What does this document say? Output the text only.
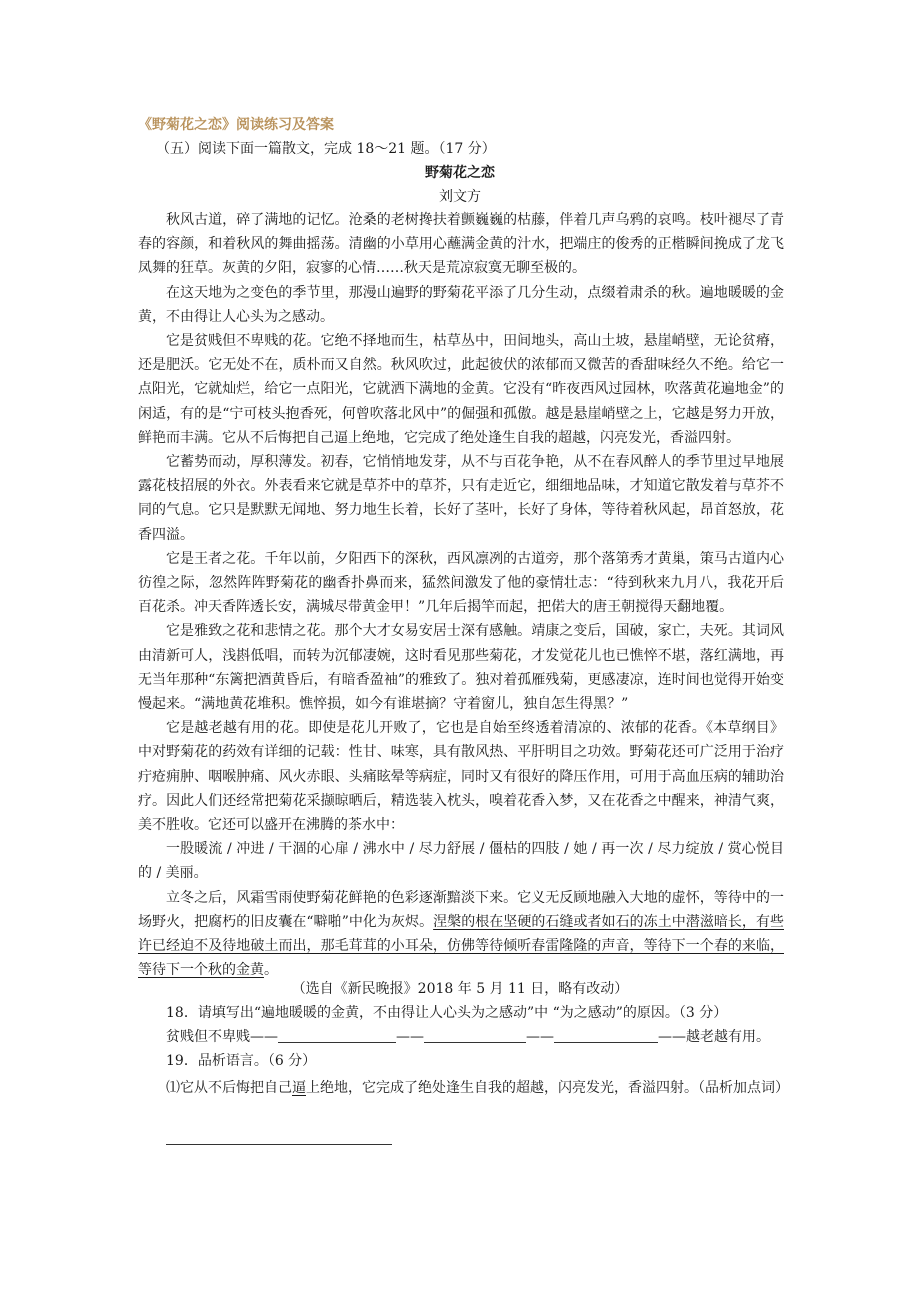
《野菊花之恋》阅读练习及答案
（五）阅读下面一篇散文，完成 18～21 题。（17 分）
野菊花之恋
刘文方

秋风古道，碎了满地的记忆。沧桑的老树搀扶着颤巍巍的枯藤，伴着几声乌鸦的哀鸣。枝叶褪尽了青春的容颜，和着秋风的舞曲摇荡。清幽的小草用心蘸满金黄的汁水，把端庄的俊秀的正楷瞬间挽成了龙飞凤舞的狂草。灰黄的夕阳，寂寥的心情……秋天是荒凉寂寞无聊至极的。

在这天地为之变色的季节里，那漫山遍野的野菊花平添了几分生动，点缀着肃杀的秋。遍地暖暖的金黄，不由得让人心头为之感动。

它是贫贱但不卑贱的花。它绝不择地而生，枯草丛中，田间地头，高山土坡，悬崖峭壁，无论贫瘠，还是肥沃。它无处不在，质朴而又自然。秋风吹过，此起彼伏的浓郁而又微苦的香甜味经久不绝。给它一点阳光，它就灿烂，给它一点阳光，它就洒下满地的金黄。它没有“昨夜西风过园林，吹落黄花遍地金”的闲适，有的是“宁可枝头抱香死，何曾吹落北风中”的倔强和孤傲。越是悬崖峭壁之上，它越是努力开放，鲜艳而丰满。它从不后悔把自己逼上绝地，它完成了绝处逢生自我的超越，闪亮发光，香溢四射。

它蓄势而动，厚积薄发。初春，它悄悄地发芽，从不与百花争艳，从不在春风醉人的季节里过早地展露花枝招展的外衣。外表看来它就是草芥中的草芥，只有走近它，细细地品味，才知道它散发着与草芥不同的气息。它只是默默无闻地、努力地生长着，长好了茎叶，长好了身体，等待着秋风起，昂首怒放，花香四溢。

它是王者之花。千年以前，夕阳西下的深秋，西风凛冽的古道旁，那个落第秀才黄巢，策马古道内心彷徨之际，忽然阵阵野菊花的幽香扑鼻而来，猛然间激发了他的豪情壮志：“待到秋来九月八，我花开后百花杀。冲天香阵透长安，满城尽带黄金甲！”几年后揭竿而起，把偌大的唐王朝搅得天翻地覆。

它是雅致之花和悲情之花。那个大才女易安居士深有感触。靖康之变后，国破，家亡，夫死。其词风由清新可人，浅斟低唱，而转为沉郁凄婉，这时看见那些菊花，才发觉花儿也已憔悴不堪，落红满地，再无当年那种“东篱把酒黄昏后，有暗香盈袖”的雅致了。独对着孤雁残菊，更感凄凉，连时间也觉得开始变慢起来。“满地黄花堆积。憔悴损，如今有谁堪摘？守着窗儿，独自怎生得黑？”

它是越老越有用的花。即使是花儿开败了，它也是自始至终透着清凉的、浓郁的花香。《本草纲目》中对野菊花的药效有详细的记载：性甘、味寒，具有散风热、平肝明目之功效。野菊花还可广泛用于治疗疔疮痈肿、咽喉肿痛、风火赤眼、头痛眩晕等病症，同时又有很好的降压作用，可用于高血压病的辅助治疗。因此人们还经常把菊花采撷晾晒后，精选装入枕头，嗅着花香入梦，又在花香之中醒来，神清气爽，美不胜收。它还可以盛开在沸腾的茶水中：

一股暖流 / 冲进 / 干涸的心扉 / 沸水中 / 尽力舒展 / 僵枯的四肢 / 她 / 再一次 / 尽力绽放 / 赏心悦目的 / 美丽。

立冬之后，风霜雪雨使野菊花鲜艳的色彩逐渐黯淡下来。它义无反顾地融入大地的虚怀，等待中的一场野火，把腐朽的旧皮囊在“噼啪”中化为灰烬。涅槃的根在坚硬的石缝或者如石的冻土中潜滋暗长，有些许已经迫不及待地破土而出，那毛茸茸的小耳朵，仿佛等待倾听春雷隆隆的声音，等待下一个春的来临，等待下一个秋的金黄。

（选自《新民晚报》2018 年 5 月 11 日，略有改动）
18．请填写出“遍地暖暖的金黄，不由得让人心头为之感动”中 “为之感动”的原因。（3 分）
贫贱但不卑贱——	——	——	——越老越有用。
19．品析语言。（6 分）
⑴它从不后悔把自己逼上绝地，它完成了绝处逢生自我的超越，闪亮发光，香溢四射。（品析加点词）
